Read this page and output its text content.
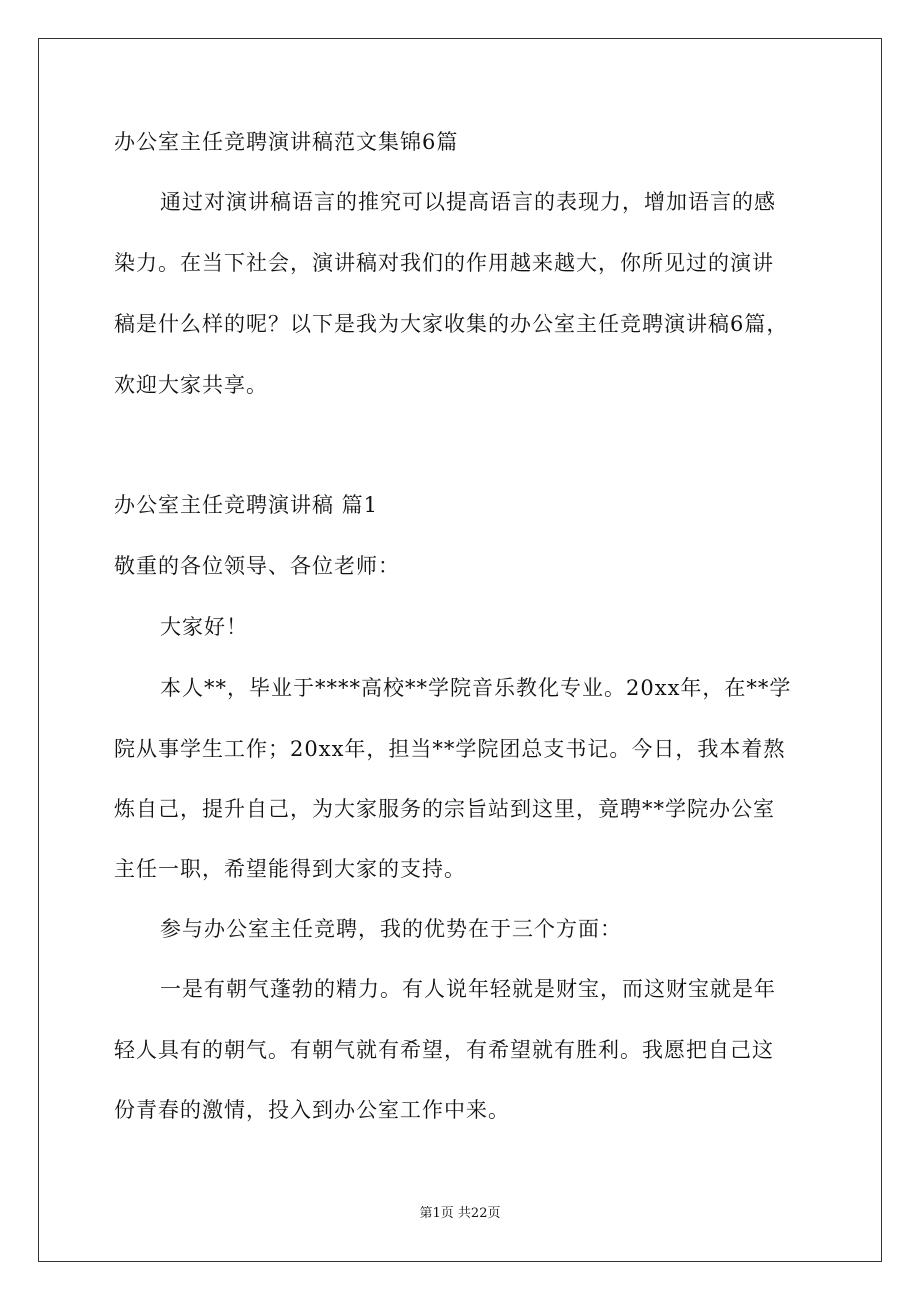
办公室主任竞聘演讲稿范文集锦6篇
通过对演讲稿语言的推究可以提高语言的表现力，增加语言的感
染力。在当下社会，演讲稿对我们的作用越来越大，你所见过的演讲
稿是什么样的呢？以下是我为大家收集的办公室主任竞聘演讲稿6篇，
欢迎大家共享。
办公室主任竞聘演讲稿 篇1
敬重的各位领导、各位老师：
大家好！
本人**，毕业于****高校**学院音乐教化专业。20xx年，在**学
院从事学生工作；20xx年，担当**学院团总支书记。今日，我本着熬
炼自己，提升自己，为大家服务的宗旨站到这里，竟聘**学院办公室
主任一职，希望能得到大家的支持。
参与办公室主任竞聘，我的优势在于三个方面：
一是有朝气蓬勃的精力。有人说年轻就是财宝，而这财宝就是年
轻人具有的朝气。有朝气就有希望，有希望就有胜利。我愿把自己这
份青春的激情，投入到办公室工作中来。
第1页 共22页
